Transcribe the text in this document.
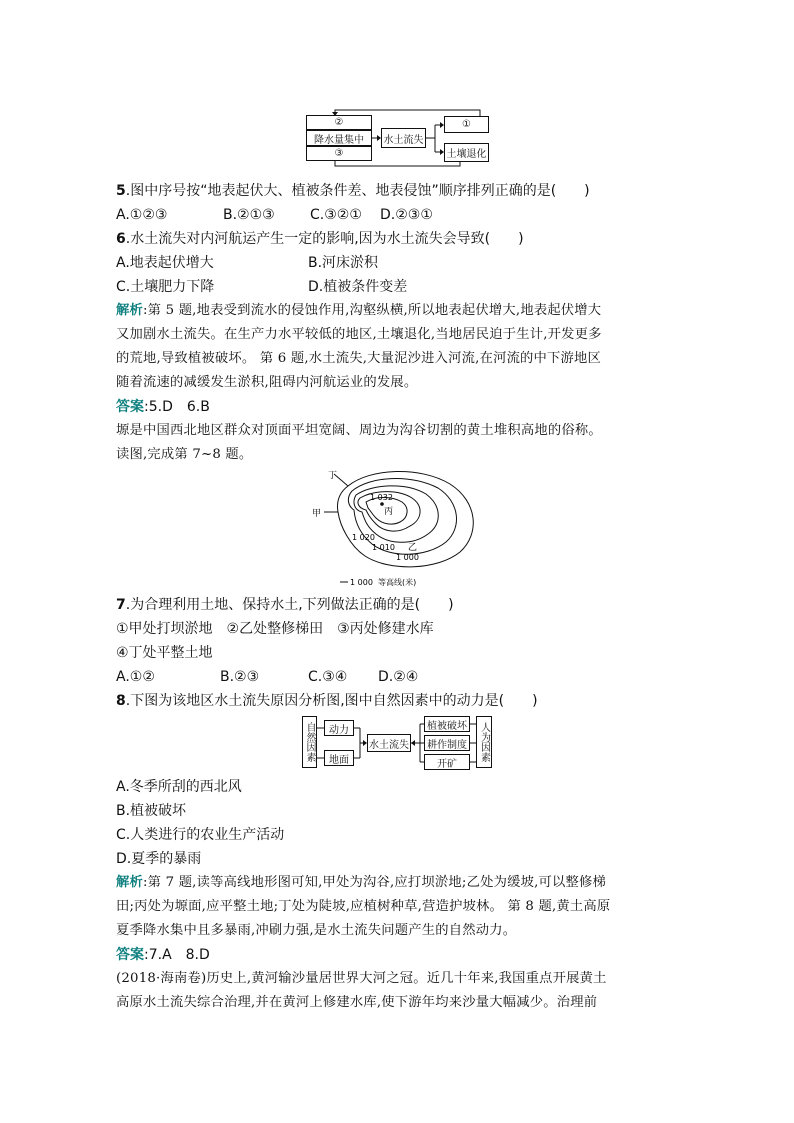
②
降水量集中
③
水土流失
①
土壤退化
5.图中序号按“地表起伏大、植被条件差、地表侵蚀”顺序排列正确的是(　　)
A.①②③	B.②①③	C.③②① D.②③①
6.水土流失对内河航运产生一定的影响,因为水土流失会导致(　　)
A.地表起伏增大	B.河床淤积
C.土壤肥力下降	D.植被条件变差
解析:第 5 题,地表受到流水的侵蚀作用,沟壑纵横,所以地表起伏增大,地表起伏增大
又加剧水土流失。在生产力水平较低的地区,土壤退化,当地居民迫于生计,开发更多
的荒地,导致植被破坏。 第 6 题,水土流失,大量泥沙进入河流,在河流的中下游地区
随着流速的减缓发生淤积,阻碍内河航运业的发展。
答案:5.D　6.B
塬是中国西北地区群众对顶面平坦宽阔、周边为沟谷切割的黄土堆积高地的俗称。
读图,完成第 7~8 题。
丁
甲
1 032
丙
1 020
1 010 乙
1 000
1 000 等高线(米)
7.为合理利用土地、保持水土,下列做法正确的是(　　)
①甲处打坝淤地　②乙处整修梯田　③丙处修建水库
④丁处平整土地
A.①②	B.②③	C.③④ D.②④
8.下图为该地区水土流失原因分析图,图中自然因素中的动力是(　　)
自然因素	动力
地面
水土流失
植被破坏
耕作制度
开矿
人为因素
A.冬季所刮的西北风
B.植被破坏
C.人类进行的农业生产活动
D.夏季的暴雨
解析:第 7 题,读等高线地形图可知,甲处为沟谷,应打坝淤地;乙处为缓坡,可以整修梯
田;丙处为塬面,应平整土地;丁处为陡坡,应植树种草,营造护坡林。 第 8 题,黄土高原
夏季降水集中且多暴雨,冲刷力强,是水土流失问题产生的自然动力。
答案:7.A　8.D
(2018·海南卷)历史上,黄河输沙量居世界大河之冠。近几十年来,我国重点开展黄土
高原水土流失综合治理,并在黄河上修建水库,使下游年均来沙量大幅减少。治理前
